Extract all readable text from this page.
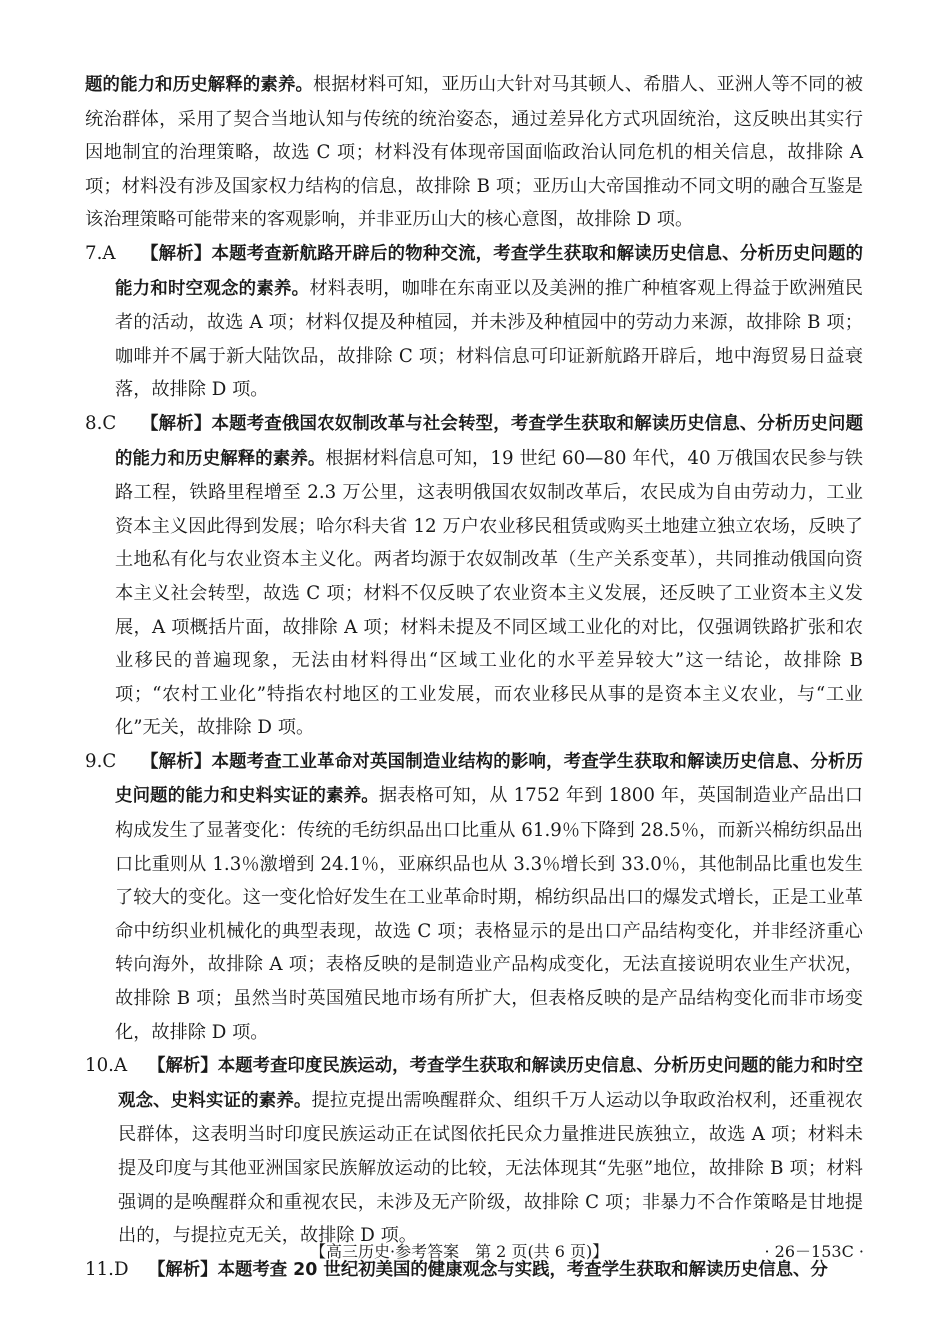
题的能力和历史解释的素养。根据材料可知，亚历山大针对马其顿人、希腊人、亚洲人等不同的被统治群体，采用了契合当地认知与传统的统治姿态，通过差异化方式巩固统治，这反映出其实行因地制宜的治理策略，故选 C 项；材料没有体现帝国面临政治认同危机的相关信息，故排除 A 项；材料没有涉及国家权力结构的信息，故排除 B 项；亚历山大帝国推动不同文明的融合互鉴是该治理策略可能带来的客观影响，并非亚历山大的核心意图，故排除 D 项。

7.A	【解析】本题考查新航路开辟后的物种交流，考查学生获取和解读历史信息、分析历史问题的能力和时空观念的素养。材料表明，咖啡在东南亚以及美洲的推广种植客观上得益于欧洲殖民者的活动，故选 A 项；材料仅提及种植园，并未涉及种植园中的劳动力来源，故排除 B 项；咖啡并不属于新大陆饮品，故排除 C 项；材料信息可印证新航路开辟后，地中海贸易日益衰落，故排除 D 项。

8.C	【解析】本题考查俄国农奴制改革与社会转型，考查学生获取和解读历史信息、分析历史问题的能力和历史解释的素养。根据材料信息可知，19 世纪 60—80 年代，40 万俄国农民参与铁路工程，铁路里程增至 2.3 万公里，这表明俄国农奴制改革后，农民成为自由劳动力，工业资本主义因此得到发展；哈尔科夫省 12 万户农业移民租赁或购买土地建立独立农场，反映了土地私有化与农业资本主义化。两者均源于农奴制改革（生产关系变革），共同推动俄国向资本主义社会转型，故选 C 项；材料不仅反映了农业资本主义发展，还反映了工业资本主义发展，A 项概括片面，故排除 A 项；材料未提及不同区域工业化的对比，仅强调铁路扩张和农业移民的普遍现象，无法由材料得出“区域工业化的水平差异较大”这一结论，故排除 B 项；“农村工业化”特指农村地区的工业发展，而农业移民从事的是资本主义农业，与“工业化”无关，故排除 D 项。

9.C	【解析】本题考查工业革命对英国制造业结构的影响，考查学生获取和解读历史信息、分析历史问题的能力和史料实证的素养。据表格可知，从 1752 年到 1800 年，英国制造业产品出口构成发生了显著变化：传统的毛纺织品出口比重从 61.9％下降到 28.5％，而新兴棉纺织品出口比重则从 1.3％激增到 24.1％，亚麻织品也从 3.3％增长到 33.0％，其他制品比重也发生了较大的变化。这一变化恰好发生在工业革命时期，棉纺织品出口的爆发式增长，正是工业革命中纺织业机械化的典型表现，故选 C 项；表格显示的是出口产品结构变化，并非经济重心转向海外，故排除 A 项；表格反映的是制造业产品构成变化，无法直接说明农业生产状况，故排除 B 项；虽然当时英国殖民地市场有所扩大，但表格反映的是产品结构变化而非市场变化，故排除 D 项。

10.A	【解析】本题考查印度民族运动，考查学生获取和解读历史信息、分析历史问题的能力和时空观念、史料实证的素养。提拉克提出需唤醒群众、组织千万人运动以争取政治权利，还重视农民群体，这表明当时印度民族运动正在试图依托民众力量推进民族独立，故选 A 项；材料未提及印度与其他亚洲国家民族解放运动的比较，无法体现其“先驱”地位，故排除 B 项；材料强调的是唤醒群众和重视农民，未涉及无产阶级，故排除 C 项；非暴力不合作策略是甘地提出的，与提拉克无关，故排除 D 项。

11.D	【解析】本题考查 20 世纪初美国的健康观念与实践，考查学生获取和解读历史信息、分

【高三历史·参考答案　第 2 页(共 6 页)】	· 26－153C ·
